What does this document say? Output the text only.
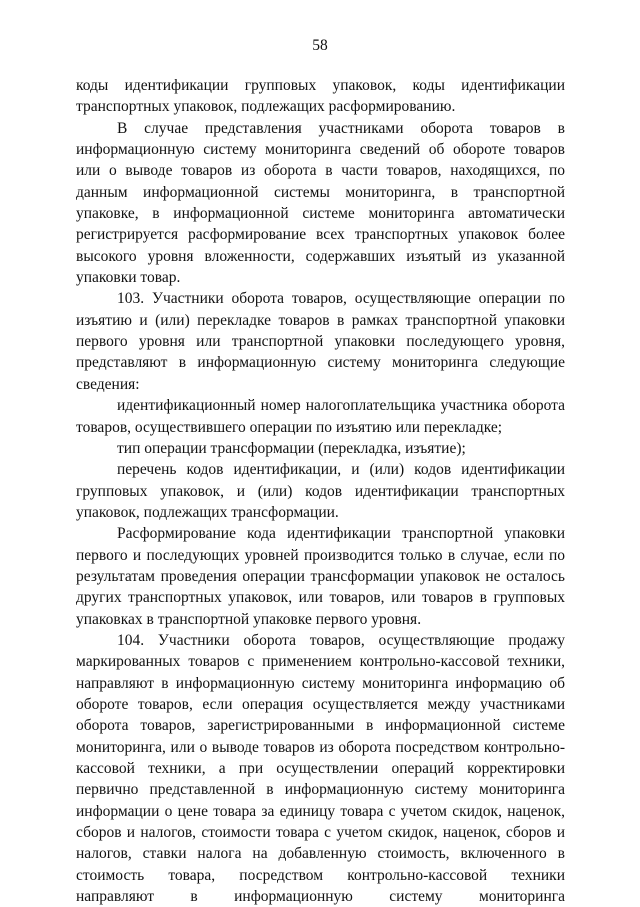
58

коды идентификации групповых упаковок, коды идентификации транспортных упаковок, подлежащих расформированию.

В случае представления участниками оборота товаров в информационную систему мониторинга сведений об обороте товаров или о выводе товаров из оборота в части товаров, находящихся, по данным информационной системы мониторинга, в транспортной упаковке, в информационной системе мониторинга автоматически регистрируется расформирование всех транспортных упаковок более высокого уровня вложенности, содержавших изъятый из указанной упаковки товар.

103. Участники оборота товаров, осуществляющие операции по изъятию и (или) перекладке товаров в рамках транспортной упаковки первого уровня или транспортной упаковки последующего уровня, представляют в информационную систему мониторинга следующие сведения:

идентификационный номер налогоплательщика участника оборота товаров, осуществившего операции по изъятию или перекладке;

тип операции трансформации (перекладка, изъятие);

перечень кодов идентификации, и (или) кодов идентификации групповых упаковок, и (или) кодов идентификации транспортных упаковок, подлежащих трансформации.

Расформирование кода идентификации транспортной упаковки первого и последующих уровней производится только в случае, если по результатам проведения операции трансформации упаковок не осталось других транспортных упаковок, или товаров, или товаров в групповых упаковках в транспортной упаковке первого уровня.

104. Участники оборота товаров, осуществляющие продажу маркированных товаров с применением контрольно-кассовой техники, направляют в информационную систему мониторинга информацию об обороте товаров, если операция осуществляется между участниками оборота товаров, зарегистрированными в информационной системе мониторинга, или о выводе товаров из оборота посредством контрольно-кассовой техники, а при осуществлении операций корректировки первично представленной в информационную систему мониторинга информации о цене товара за единицу товара с учетом скидок, наценок, сборов и налогов, стоимости товара с учетом скидок, наценок, сборов и налогов, ставки налога на добавленную стоимость, включенного в стоимость товара, посредством контрольно-кассовой техники направляют в информационную систему мониторинга
